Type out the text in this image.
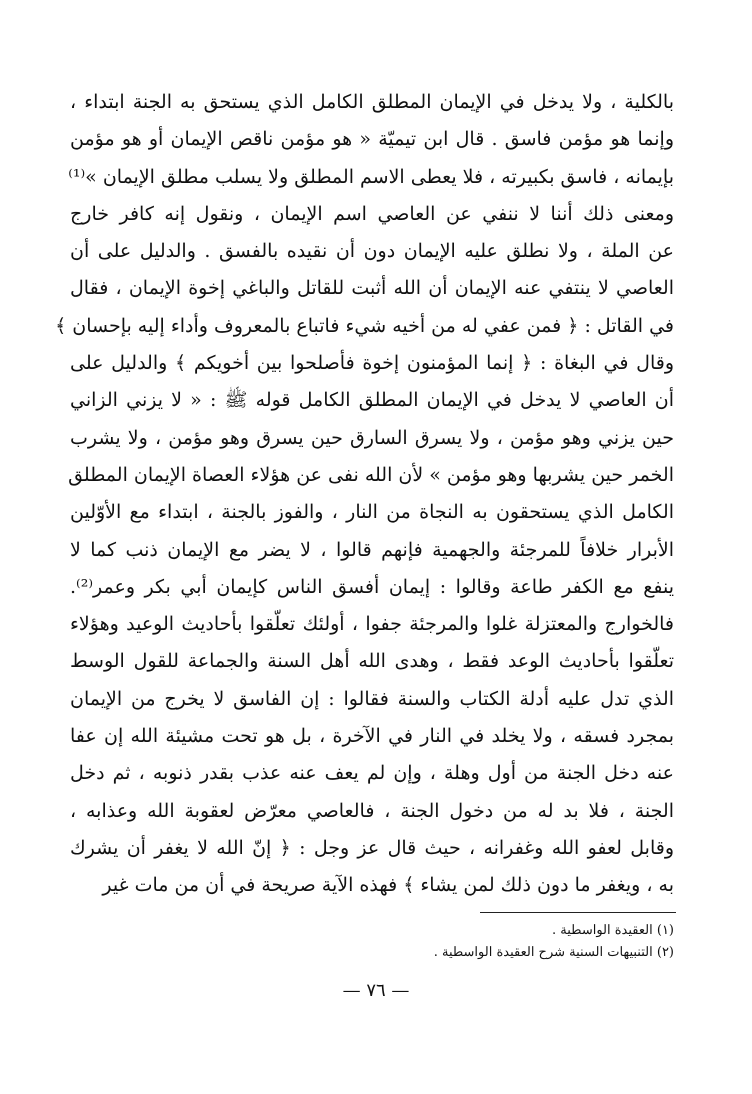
بالكلية ، ولا يدخل في الإيمان المطلق الكامل الذي يستحق به الجنة ابتداء ،
وإنما هو مؤمن فاسق . قال ابن تيميّة « هو مؤمن ناقص الإيمان أو هو مؤمن
بإيمانه ، فاسق بكبيرته ، فلا يعطى الاسم المطلق ولا يسلب مطلق الإيمان »⁽¹⁾
ومعنى ذلك أننا لا ننفي عن العاصي اسم الإيمان ، ونقول إنه كافر خارج
عن الملة ، ولا نطلق عليه الإيمان دون أن نقيده بالفسق . والدليل على أن
العاصي لا ينتفي عنه الإيمان أن الله أثبت للقاتل والباغي إخوة الإيمان ، فقال
في القاتل : ﴿ فمن عفي له من أخيه شيء فاتباع بالمعروف وأداء إليه بإحسان ﴾
وقال في البغاة : ﴿ إنما المؤمنون إخوة فأصلحوا بين أخويكم ﴾ والدليل على
أن العاصي لا يدخل في الإيمان المطلق الكامل قوله ﷺ : « لا يزني الزاني
حين يزني وهو مؤمن ، ولا يسرق السارق حين يسرق وهو مؤمن ، ولا يشرب
الخمر حين يشربها وهو مؤمن » لأن الله نفى عن هؤلاء العصاة الإيمان المطلق
الكامل الذي يستحقون به النجاة من النار ، والفوز بالجنة ، ابتداء مع الأوّلين
الأبرار خلافاً للمرجئة والجهمية فإنهم قالوا ، لا يضر مع الإيمان ذنب كما لا
ينفع مع الكفر طاعة وقالوا : إيمان أفسق الناس كإيمان أبي بكر وعمر⁽²⁾.
فالخوارج والمعتزلة غلوا والمرجئة جفوا ، أولئك تعلّقوا بأحاديث الوعيد وهؤلاء
تعلّقوا بأحاديث الوعد فقط ، وهدى الله أهل السنة والجماعة للقول الوسط
الذي تدل عليه أدلة الكتاب والسنة فقالوا : إن الفاسق لا يخرج من الإيمان
بمجرد فسقه ، ولا يخلد في النار في الآخرة ، بل هو تحت مشيئة الله إن عفا
عنه دخل الجنة من أول وهلة ، وإن لم يعف عنه عذب بقدر ذنوبه ، ثم دخل
الجنة ، فلا بد له من دخول الجنة ، فالعاصي معرّض لعقوبة الله وعذابه ،
وقابل لعفو الله وغفرانه ، حيث قال عز وجل : ﴿ إنّ الله لا يغفر أن يشرك
به ، ويغفر ما دون ذلك لمن يشاء ﴾ فهذه الآية صريحة في أن من مات غير
(١) العقيدة الواسطية .
(٢) التنبيهات السنية شرح العقيدة الواسطية .
— ٧٦ —
